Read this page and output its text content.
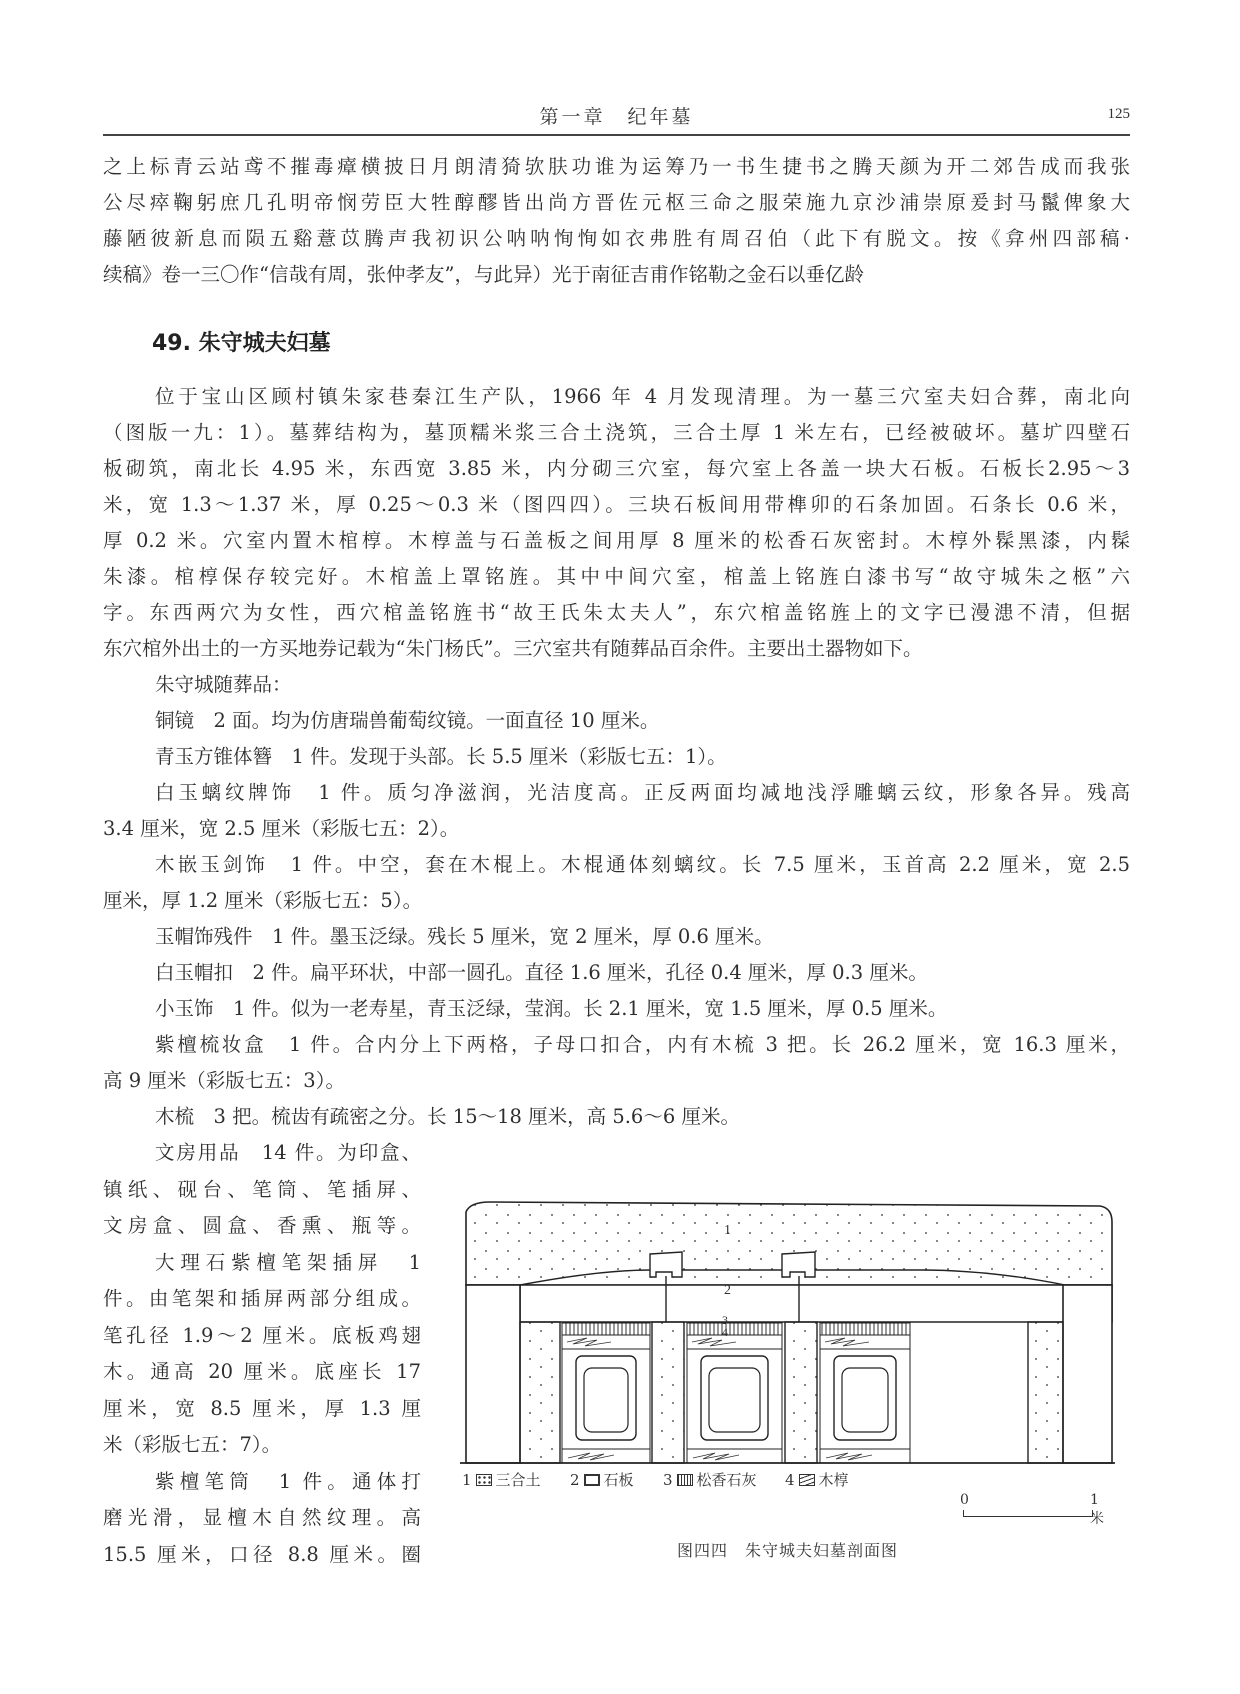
第一章　纪年墓	125
之上标青云站鸢不摧毒瘴横披日月朗清猗欤肤功谁为运筹乃一书生捷书之腾天颜为开二郊告成而我张
公尽瘁鞠躬庶几孔明帝悯劳臣大牲醇醪皆出尚方晋佐元枢三命之服荣施九京沙浦崇原爰封马鬣俾象大
藤陋彼新息而陨五谿薏苡腾声我初识公呐呐恂恂如衣弗胜有周召伯（此下有脱文。按《弇州四部稿·
续稿》卷一三〇作“信哉有周，张仲孝友”，与此异）光于南征吉甫作铭勒之金石以垂亿龄
49. 朱守城夫妇墓
位于宝山区顾村镇朱家巷秦江生产队，1966 年 4 月发现清理。为一墓三穴室夫妇合葬，南北向
（图版一九：1）。墓葬结构为，墓顶糯米浆三合土浇筑，三合土厚 1 米左右，已经被破坏。墓圹四壁石
板砌筑，南北长 4.95 米，东西宽 3.85 米，内分砌三穴室，每穴室上各盖一块大石板。石板长2.95～3
米，宽 1.3～1.37 米，厚 0.25～0.3 米（图四四）。三块石板间用带榫卯的石条加固。石条长 0.6 米，
厚 0.2 米。穴室内置木棺椁。木椁盖与石盖板之间用厚 8 厘米的松香石灰密封。木椁外髹黑漆，内髹
朱漆。棺椁保存较完好。木棺盖上罩铭旌。其中中间穴室，棺盖上铭旌白漆书写“故守城朱之柩”六
字。东西两穴为女性，西穴棺盖铭旌书“故王氏朱太夫人”，东穴棺盖铭旌上的文字已漫漶不清，但据
东穴棺外出土的一方买地券记载为“朱门杨氏”。三穴室共有随葬品百余件。主要出土器物如下。
朱守城随葬品：
铜镜　2 面。均为仿唐瑞兽葡萄纹镜。一面直径 10 厘米。
青玉方锥体簪　1 件。发现于头部。长 5.5 厘米（彩版七五：1）。
白玉螭纹牌饰　1 件。质匀净滋润，光洁度高。正反两面均减地浅浮雕螭云纹，形象各异。残高
3.4 厘米，宽 2.5 厘米（彩版七五：2）。
木嵌玉剑饰　1 件。中空，套在木棍上。木棍通体刻螭纹。长 7.5 厘米，玉首高 2.2 厘米，宽 2.5
厘米，厚 1.2 厘米（彩版七五：5）。
玉帽饰残件　1 件。墨玉泛绿。残长 5 厘米，宽 2 厘米，厚 0.6 厘米。
白玉帽扣　2 件。扁平环状，中部一圆孔。直径 1.6 厘米，孔径 0.4 厘米，厚 0.3 厘米。
小玉饰　1 件。似为一老寿星，青玉泛绿，莹润。长 2.1 厘米，宽 1.5 厘米，厚 0.5 厘米。
紫檀梳妆盒　1 件。合内分上下两格，子母口扣合，内有木梳 3 把。长 26.2 厘米，宽 16.3 厘米，
高 9 厘米（彩版七五：3）。
木梳　3 把。梳齿有疏密之分。长 15～18 厘米，高 5.6～6 厘米。
文房用品　14 件。为印盒、
镇纸、砚台、笔筒、笔插屏、
文房盒、圆盒、香熏、瓶等。
大理石紫檀笔架插屏　1
件。由笔架和插屏两部分组成。
笔孔径 1.9～2 厘米。底板鸡翅
木。通高 20 厘米。底座长 17
厘米，宽 8.5 厘米，厚 1.3 厘
米（彩版七五：7）。
紫檀笔筒　1 件。通体打
磨光滑，显檀木自然纹理。高
15.5 厘米，口径 8.8 厘米。圈
1
2
3
4
1 三合土 2 石板 3 松香石灰 4 木椁
0	1米
图四四　朱守城夫妇墓剖面图
